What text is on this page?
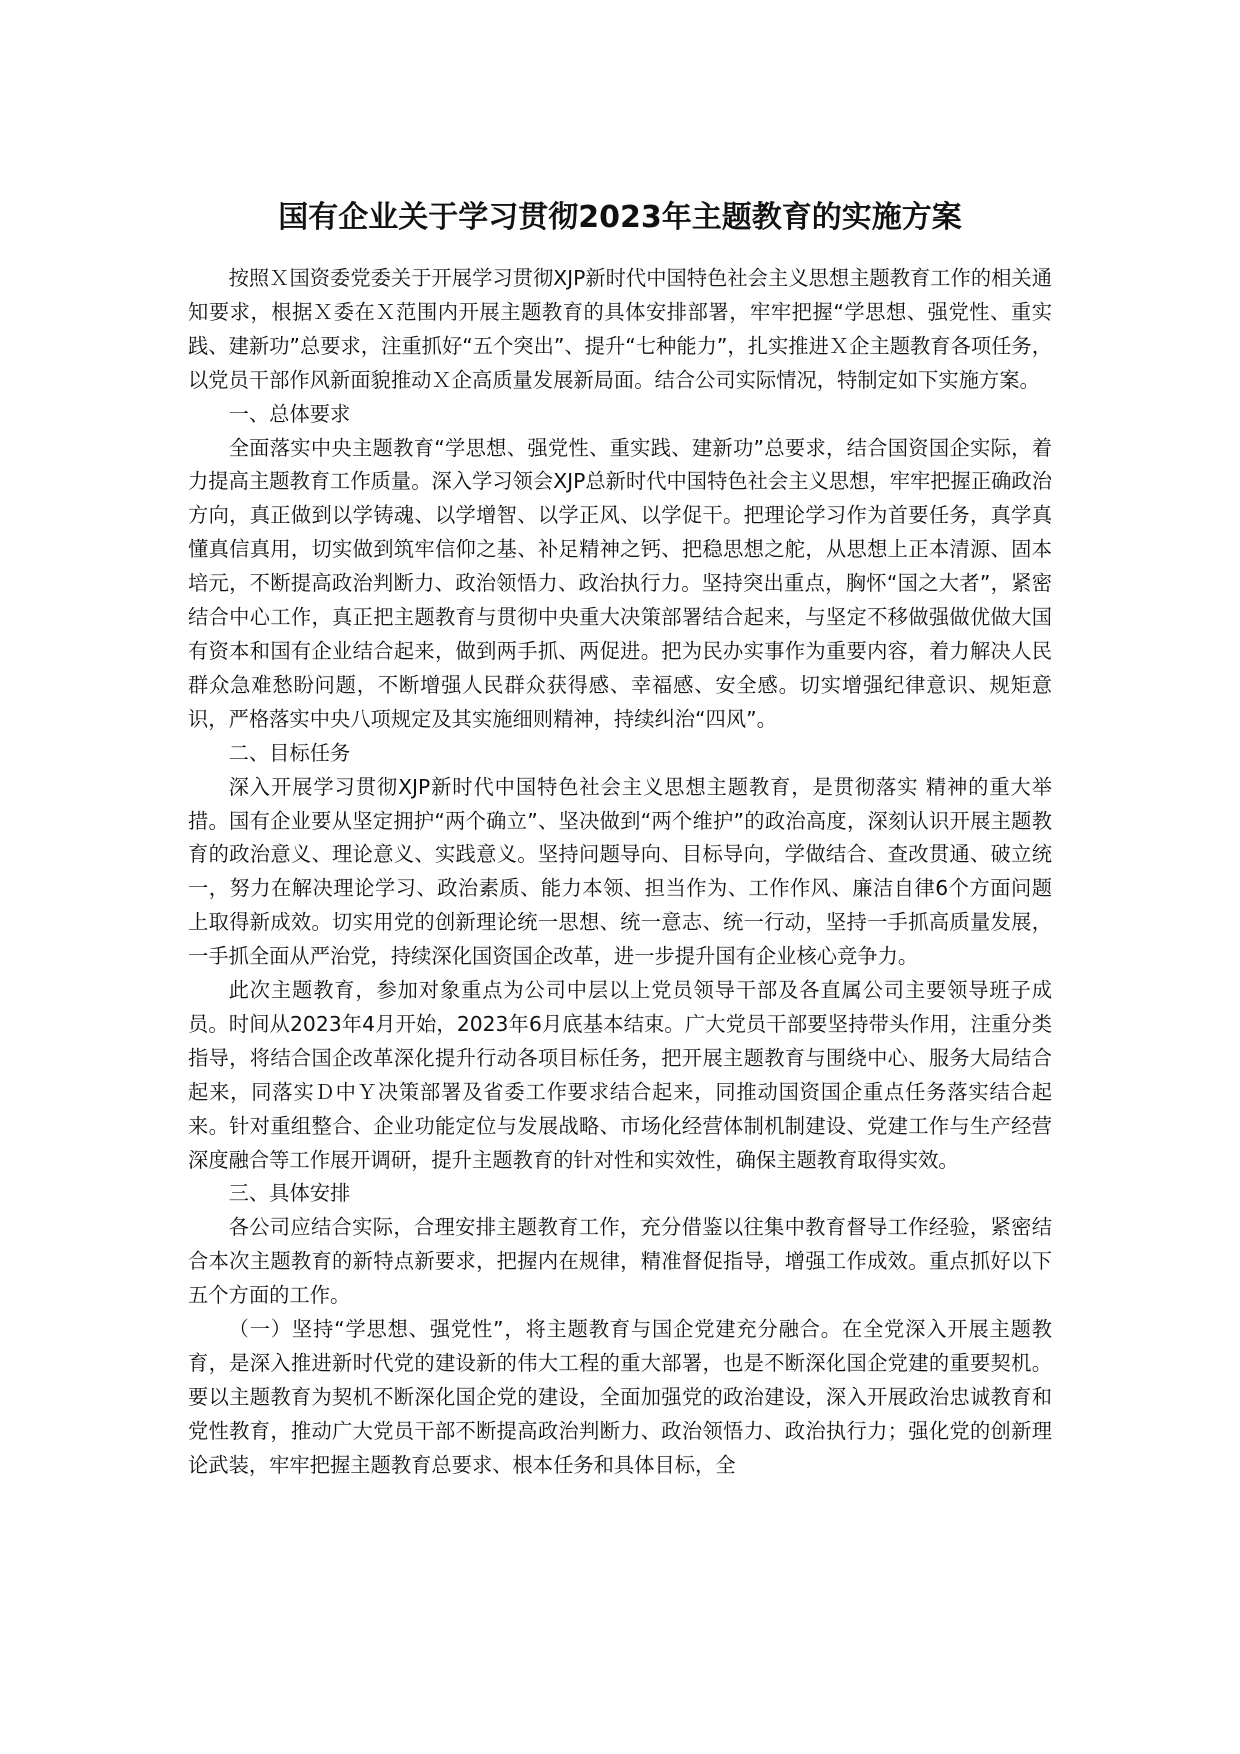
国有企业关于学习贯彻2023年主题教育的实施方案

按照Ｘ国资委党委关于开展学习贯彻XJP新时代中国特色社会主义思想主题教育工作的相关通知要求，根据Ｘ委在Ｘ范围内开展主题教育的具体安排部署，牢牢把握“学思想、强党性、重实践、建新功”总要求，注重抓好“五个突出”、提升“七种能力”，扎实推进Ｘ企主题教育各项任务，以党员干部作风新面貌推动Ｘ企高质量发展新局面。结合公司实际情况，特制定如下实施方案。

一、总体要求

全面落实中央主题教育“学思想、强党性、重实践、建新功”总要求，结合国资国企实际，着力提高主题教育工作质量。深入学习领会XJP总新时代中国特色社会主义思想，牢牢把握正确政治方向，真正做到以学铸魂、以学增智、以学正风、以学促干。把理论学习作为首要任务，真学真懂真信真用，切实做到筑牢信仰之基、补足精神之钙、把稳思想之舵，从思想上正本清源、固本培元，不断提高政治判断力、政治领悟力、政治执行力。坚持突出重点，胸怀“国之大者”，紧密结合中心工作，真正把主题教育与贯彻中央重大决策部署结合起来，与坚定不移做强做优做大国有资本和国有企业结合起来，做到两手抓、两促进。把为民办实事作为重要内容，着力解决人民群众急难愁盼问题，不断增强人民群众获得感、幸福感、安全感。切实增强纪律意识、规矩意识，严格落实中央八项规定及其实施细则精神，持续纠治“四风”。

二、目标任务

深入开展学习贯彻XJP新时代中国特色社会主义思想主题教育，是贯彻落实 精神的重大举措。国有企业要从坚定拥护“两个确立”、坚决做到“两个维护”的政治高度，深刻认识开展主题教育的政治意义、理论意义、实践意义。坚持问题导向、目标导向，学做结合、查改贯通、破立统一，努力在解决理论学习、政治素质、能力本领、担当作为、工作作风、廉洁自律6个方面问题上取得新成效。切实用党的创新理论统一思想、统一意志、统一行动，坚持一手抓高质量发展，一手抓全面从严治党，持续深化国资国企改革，进一步提升国有企业核心竞争力。

此次主题教育，参加对象重点为公司中层以上党员领导干部及各直属公司主要领导班子成员。时间从2023年4月开始，2023年6月底基本结束。广大党员干部要坚持带头作用，注重分类指导，将结合国企改革深化提升行动各项目标任务，把开展主题教育与围绕中心、服务大局结合起来，同落实Ｄ中Ｙ决策部署及省委工作要求结合起来，同推动国资国企重点任务落实结合起来。针对重组整合、企业功能定位与发展战略、市场化经营体制机制建设、党建工作与生产经营深度融合等工作展开调研，提升主题教育的针对性和实效性，确保主题教育取得实效。

三、具体安排

各公司应结合实际，合理安排主题教育工作，充分借鉴以往集中教育督导工作经验，紧密结合本次主题教育的新特点新要求，把握内在规律，精准督促指导，增强工作成效。重点抓好以下五个方面的工作。

（一）坚持“学思想、强党性”，将主题教育与国企党建充分融合。在全党深入开展主题教育，是深入推进新时代党的建设新的伟大工程的重大部署，也是不断深化国企党建的重要契机。要以主题教育为契机不断深化国企党的建设，全面加强党的政治建设，深入开展政治忠诚教育和党性教育，推动广大党员干部不断提高政治判断力、政治领悟力、政治执行力；强化党的创新理论武装，牢牢把握主题教育总要求、根本任务和具体目标，全
